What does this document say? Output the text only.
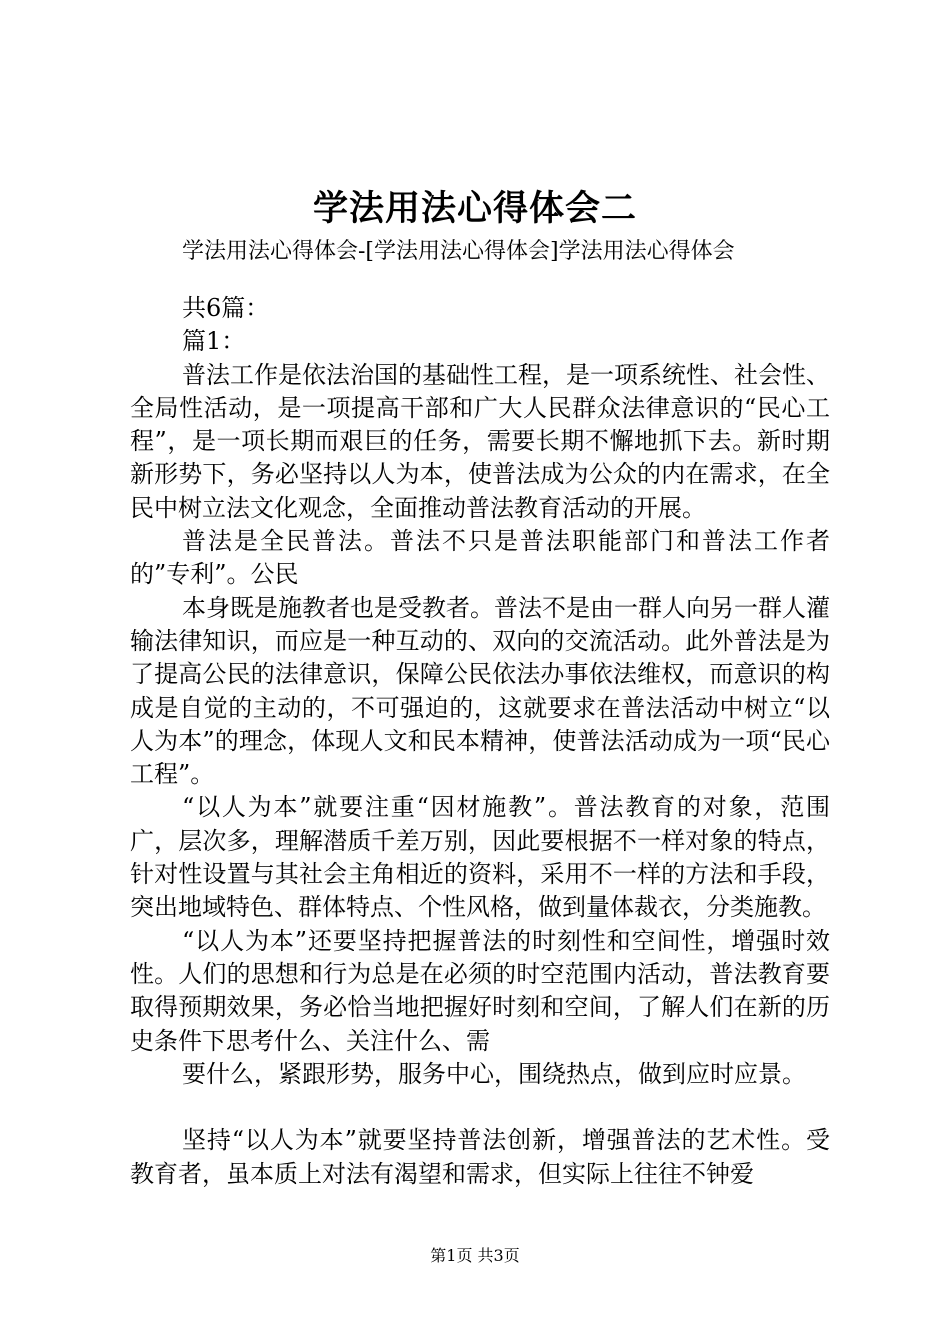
学法用法心得体会二
学法用法心得体会-[学法用法心得体会]学法用法心得体会

共6篇：

篇1：

普法工作是依法治国的基础性工程，是一项系统性、社会性、全局性活动，是一项提高干部和广大人民群众法律意识的“民心工程”，是一项长期而艰巨的任务，需要长期不懈地抓下去。新时期新形势下，务必坚持以人为本，使普法成为公众的内在需求，在全民中树立法文化观念，全面推动普法教育活动的开展。

普法是全民普法。普法不只是普法职能部门和普法工作者的”专利”。公民

本身既是施教者也是受教者。普法不是由一群人向另一群人灌输法律知识，而应是一种互动的、双向的交流活动。此外普法是为了提高公民的法律意识，保障公民依法办事依法维权，而意识的构成是自觉的主动的，不可强迫的，这就要求在普法活动中树立“以人为本”的理念，体现人文和民本精神，使普法活动成为一项“民心工程”。

“以人为本”就要注重“因材施教”。普法教育的对象，范围广，层次多，理解潜质千差万别，因此要根据不一样对象的特点，针对性设置与其社会主角相近的资料，采用不一样的方法和手段，突出地域特色、群体特点、个性风格，做到量体裁衣，分类施教。

“以人为本”还要坚持把握普法的时刻性和空间性，增强时效性。人们的思想和行为总是在必须的时空范围内活动，普法教育要取得预期效果，务必恰当地把握好时刻和空间，了解人们在新的历史条件下思考什么、关注什么、需

要什么，紧跟形势，服务中心，围绕热点，做到应时应景。

坚持“以人为本”就要坚持普法创新，增强普法的艺术性。受教育者，虽本质上对法有渴望和需求，但实际上往往不钟爱

第1页 共3页
